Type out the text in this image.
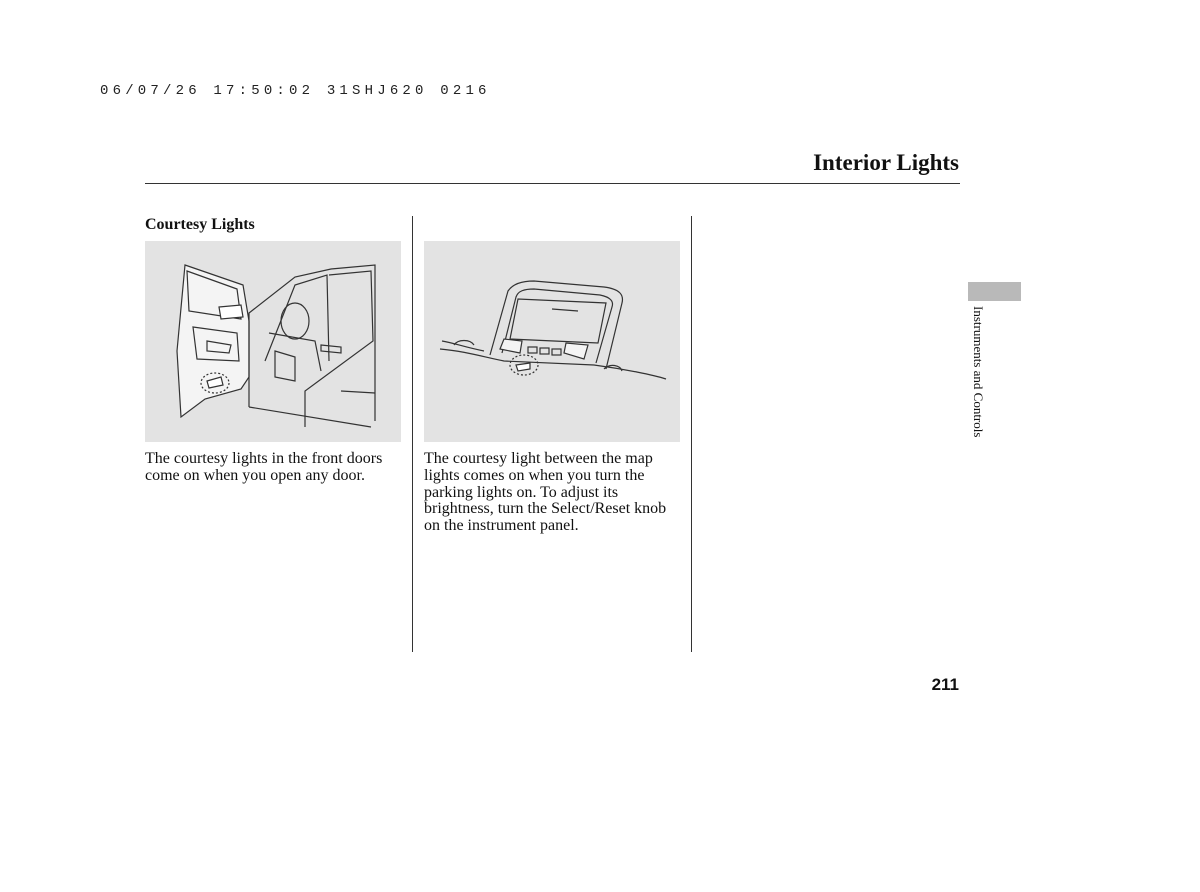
06/07/26 17:50:02 31SHJ620 0216
Interior Lights
Courtesy Lights
The courtesy lights in the front doors come on when you open any door.
The courtesy light between the map lights comes on when you turn the parking lights on. To adjust its brightness, turn the Select/Reset knob on the instrument panel.
Instruments and Controls
211
